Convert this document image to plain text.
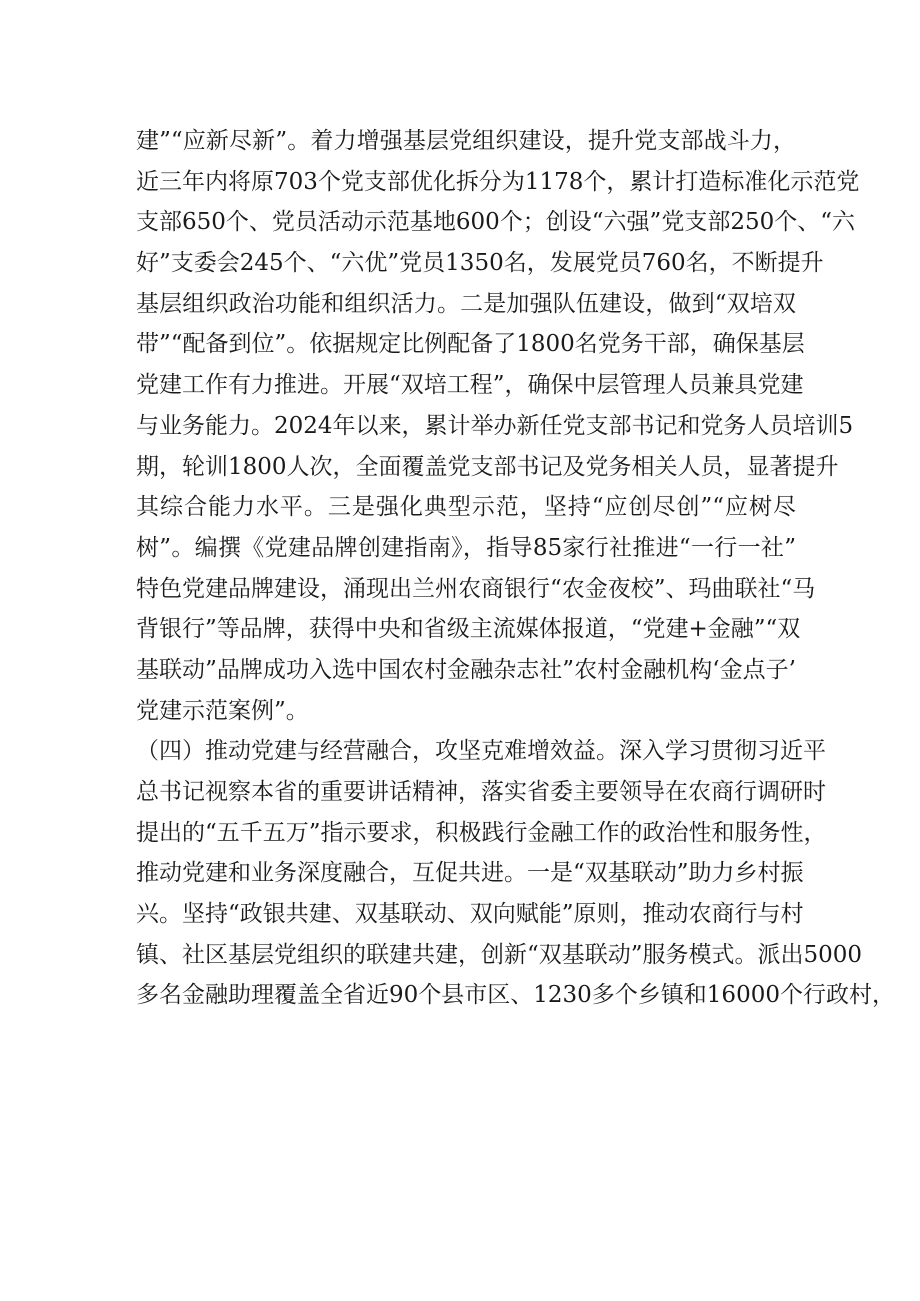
建”“应新尽新”。着力增强基层党组织建设，提升党支部战斗力，
近三年内将原703个党支部优化拆分为1178个，累计打造标准化示范党
支部650个、党员活动示范基地600个；创设“六强”党支部250个、“六
好”支委会245个、“六优”党员1350名，发展党员760名，不断提升
基层组织政治功能和组织活力。二是加强队伍建设，做到“双培双
带”“配备到位”。依据规定比例配备了1800名党务干部，确保基层
党建工作有力推进。开展“双培工程”，确保中层管理人员兼具党建
与业务能力。2024年以来，累计举办新任党支部书记和党务人员培训5
期，轮训1800人次，全面覆盖党支部书记及党务相关人员，显著提升
其综合能力水平。三是强化典型示范，坚持“应创尽创”“应树尽
树”。编撰《党建品牌创建指南》，指导85家行社推进“一行一社”
特色党建品牌建设，涌现出兰州农商银行“农金夜校”、玛曲联社“马
背银行”等品牌，获得中央和省级主流媒体报道，“党建+金融”“双
基联动”品牌成功入选中国农村金融杂志社”农村金融机构‘金点子’
党建示范案例”。
（四）推动党建与经营融合，攻坚克难增效益。深入学习贯彻习近平
总书记视察本省的重要讲话精神，落实省委主要领导在农商行调研时
提出的“五千五万”指示要求，积极践行金融工作的政治性和服务性，
推动党建和业务深度融合，互促共进。一是“双基联动”助力乡村振
兴。坚持“政银共建、双基联动、双向赋能”原则，推动农商行与村
镇、社区基层党组织的联建共建，创新“双基联动”服务模式。派出5000
多名金融助理覆盖全省近90个县市区、1230多个乡镇和16000个行政村，
